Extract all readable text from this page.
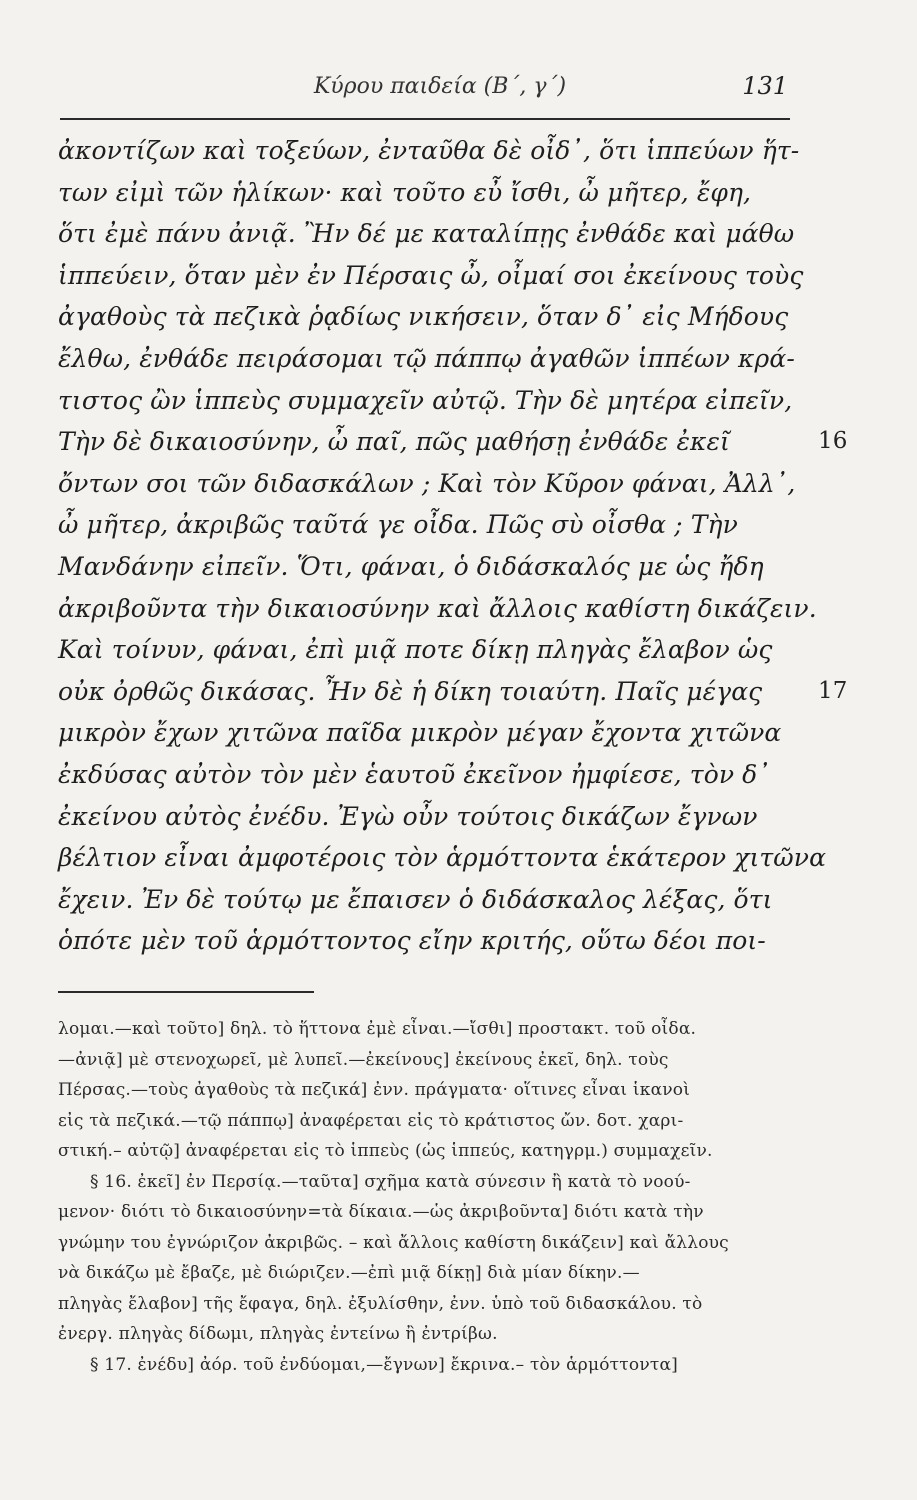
Κύρου παιδεία (Β΄, γ΄)	131
ἀκοντίζων καὶ τοξεύων, ἐνταῦθα δὲ οἶδ᾽, ὅτι ἱππεύων ἥτ-
των εἰμὶ τῶν ἡλίκων· καὶ τοῦτο εὖ ἴσθι, ὦ μῆτερ, ἔφη,
ὅτι ἐμὲ πάνυ ἀνιᾷ. Ἢν δέ με καταλίπῃς ἐνθάδε καὶ μάθω
ἱππεύειν, ὅταν μὲν ἐν Πέρσαις ὦ, οἶμαί σοι ἐκείνους τοὺς
ἀγαθοὺς τὰ πεζικὰ ῥᾳδίως νικήσειν, ὅταν δ᾽ εἰς Μήδους
ἔλθω, ἐνθάδε πειράσομαι τῷ πάππῳ ἀγαθῶν ἱππέων κρά-
τιστος ὢν ἱππεὺς συμμαχεῖν αὐτῷ. Τὴν δὲ μητέρα εἰπεῖν,
Τὴν δὲ δικαιοσύνην, ὦ παῖ, πῶς μαθήσῃ ἐνθάδε ἐκεῖ	16
ὄντων σοι τῶν διδασκάλων ; Καὶ τὸν Κῦρον φάναι, Ἀλλ᾽,
ὦ μῆτερ, ἀκριβῶς ταῦτά γε οἶδα. Πῶς σὺ οἶσθα ; Τὴν
Μανδάνην εἰπεῖν. Ὅτι, φάναι, ὁ διδάσκαλός με ὡς ἤδη
ἀκριβοῦντα τὴν δικαιοσύνην καὶ ἄλλοις καθίστη δικάζειν.
Καὶ τοίνυν, φάναι, ἐπὶ μιᾷ ποτε δίκῃ πληγὰς ἔλαβον ὡς
οὐκ ὀρθῶς δικάσας. Ἦν δὲ ἡ δίκη τοιαύτη. Παῖς μέγας 17
μικρὸν ἔχων χιτῶνα παῖδα μικρὸν μέγαν ἔχοντα χιτῶνα
ἐκδύσας αὐτὸν τὸν μὲν ἑαυτοῦ ἐκεῖνον ἠμφίεσε, τὸν δ᾽
ἐκείνου αὐτὸς ἐνέδυ. Ἐγὼ οὖν τούτοις δικάζων ἔγνων
βέλτιον εἶναι ἀμφοτέροις τὸν ἁρμόττοντα ἑκάτερον χιτῶνα
ἔχειν. Ἐν δὲ τούτῳ με ἔπαισεν ὁ διδάσκαλος λέξας, ὅτι
ὁπότε μὲν τοῦ ἁρμόττοντος εἴην κριτής, οὕτω δέοι ποι-
λομαι.—καὶ τοῦτο] δηλ. τὸ ἥττονα ἐμὲ εἶναι.—ἴσθι] προστακτ. τοῦ οἶδα.
—ἀνιᾷ] μὲ στενοχωρεῖ, μὲ λυπεῖ.—ἐκείνους] ἐκείνους ἐκεῖ, δηλ. τοὺς
Πέρσας.—τοὺς ἀγαθοὺς τὰ πεζικά] ἐνν. πράγματα· οἵτινες εἶναι ἱκανοὶ
εἰς τὰ πεζικά.—τῷ πάππῳ] ἀναφέρεται εἰς τὸ κράτιστος ὤν. δοτ. χαρι-
στική.– αὐτῷ] ἀναφέρεται εἰς τὸ ἱππεὺς (ὡς ἱππεύς, κατηγρμ.) συμμαχεῖν.
§ 16. ἐκεῖ] ἐν Περσίᾳ.—ταῦτα] σχῆμα κατὰ σύνεσιν ἢ κατὰ τὸ νοού-
μενον· διότι τὸ δικαιοσύνην=τὰ δίκαια.—ὡς ἀκριβοῦντα] διότι κατὰ τὴν
γνώμην του ἐγνώριζον ἀκριβῶς. – καὶ ἄλλοις καθίστη δικάζειν] καὶ ἄλλους
νὰ δικάζω μὲ ἔβαζε, μὲ διώριζεν.—ἐπὶ μιᾷ δίκῃ] διὰ μίαν δίκην.—
πληγὰς ἔλαβον] τῆς ἔφαγα, δηλ. ἐξυλίσθην, ἐνν. ὑπὸ τοῦ διδασκάλου. τὸ
ἐνεργ. πληγὰς δίδωμι, πληγὰς ἐντείνω ἢ ἐντρίβω.
§ 17. ἐνέδυ] ἀόρ. τοῦ ἐνδύομαι,—ἔγνων] ἔκρινα.– τὸν ἁρμόττοντα]
